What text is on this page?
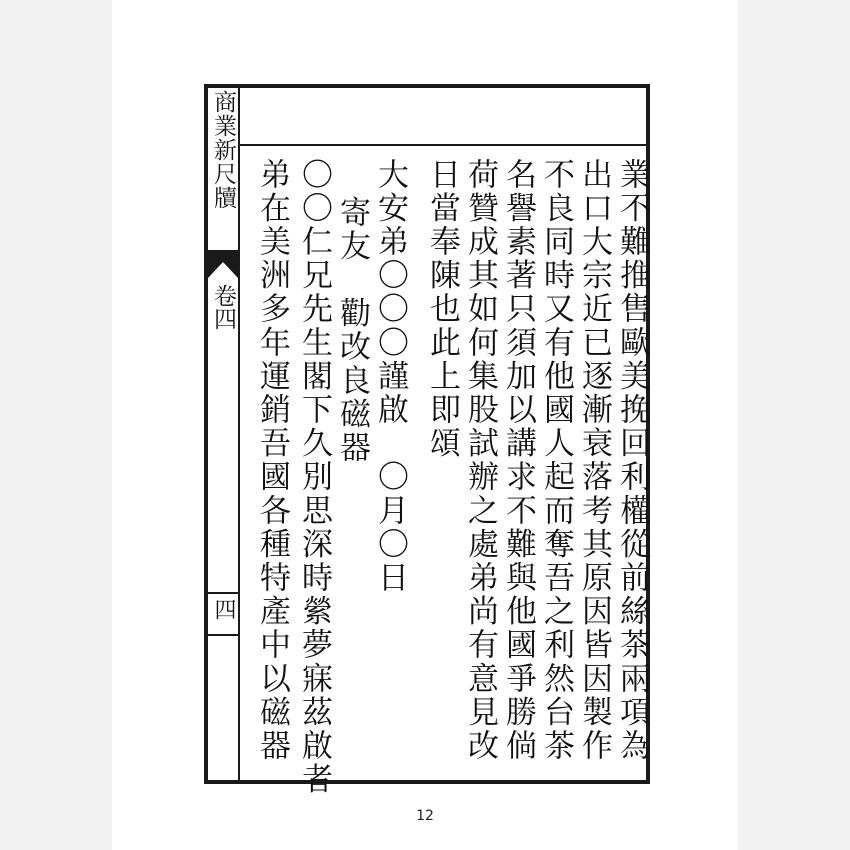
商業新尺牘
卷四
四	業不難推售歐美挽回利權從前絲茶兩項為
出口大宗近已逐漸衰落考其原因皆因製作
不良同時又有他國人起而奪吾之利然台茶
名譽素著只須加以講求不難與他國爭勝倘
荷贊成其如何集股試辦之處弟尚有意見改
日當奉陳也此上即頌
大安弟〇〇〇謹啟　〇月〇日
寄友　勸改良磁器
〇〇仁兄先生閣下久別思深時縈夢寐茲啟者
弟在美洲多年運銷吾國各種特產中以磁器
12
